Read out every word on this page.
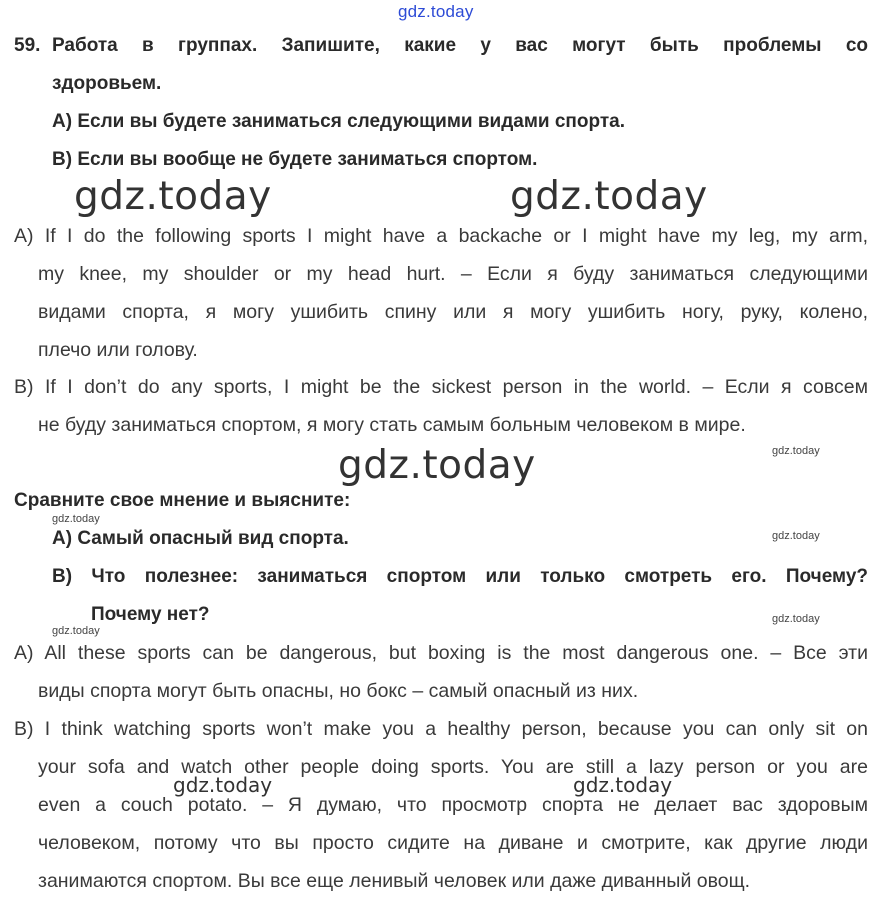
gdz.today
gdz.today	gdz.today
gdz.today	gdz.today
gdz.today
gdz.today
gdz.today
gdz.today
59. Работа в группах. Запишите, какие у вас могут быть проблемы со
здоровьем.
А) Если вы будете заниматься следующими видами спорта.
В) Если вы вообще не будете заниматься спортом.
A) If I do the following sports I might have a backache or I might have my leg, my arm,
my knee, my shoulder or my head hurt. – Если я буду заниматься следующими
видами спорта, я могу ушибить спину или я могу ушибить ногу, руку, колено,
плечо или голову.
B) If I don’t do any sports, I might be the sickest person in the world. – Если я совсем
не буду заниматься спортом, я могу стать самым больным человеком в мире.
Сравните свое мнение и выясните:
А) Самый опасный вид спорта.
В) Что полезнее: заниматься спортом или только смотреть его. Почему?
Почему нет?
A) All these sports can be dangerous, but boxing is the most dangerous one. – Все эти
виды спорта могут быть опасны, но бокс – самый опасный из них.
B) I think watching sports won’t make you a healthy person, because you can only sit on
your sofa and watch other people doing sports. You are still a lazy person or you are
even a couch potato. – Я думаю, что просмотр спорта не делает вас здоровым
человеком, потому что вы просто сидите на диване и смотрите, как другие люди
занимаются спортом. Вы все еще ленивый человек или даже диванный овощ.
gdz.today	gdz.today
